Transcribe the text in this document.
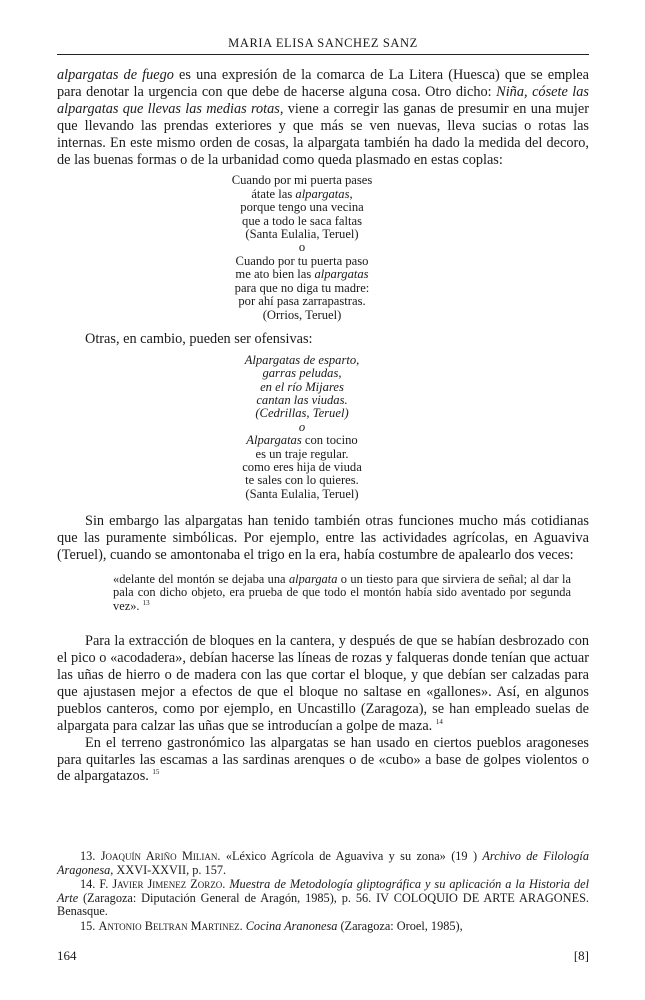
MARIA ELISA SANCHEZ SANZ

alpargatas de fuego es una expresión de la comarca de La Litera (Huesca) que se emplea para denotar la urgencia con que debe de hacerse alguna cosa. Otro dicho: Niña, cósete las alpargatas que llevas las medias rotas, viene a corregir las ganas de presumir en una mujer que llevando las prendas exteriores y que más se ven nuevas, lleva sucias o rotas las internas. En este mismo orden de cosas, la alpargata también ha dado la medida del decoro, de las buenas formas o de la urbanidad como queda plasmado en estas coplas:

Cuando por mi puerta pases
átate las alpargatas,
porque tengo una vecina
que a todo le saca faltas
(Santa Eulalia, Teruel)
o
Cuando por tu puerta paso
me ato bien las alpargatas
para que no diga tu madre:
por ahí pasa zarrapastras.
(Orrios, Teruel)

Otras, en cambio, pueden ser ofensivas:

Alpargatas de esparto,
garras peludas,
en el río Mijares
cantan las viudas.
(Cedrillas, Teruel)
o
Alpargatas con tocino
es un traje regular.
como eres hija de viuda
te sales con lo quieres.
(Santa Eulalia, Teruel)

Sin embargo las alpargatas han tenido también otras funciones mucho más cotidianas que las puramente simbólicas. Por ejemplo, entre las actividades agrícolas, en Aguaviva (Teruel), cuando se amontonaba el trigo en la era, había costumbre de apalearlo dos veces:

«delante del montón se dejaba una alpargata o un tiesto para que sirviera de señal; al dar la pala con dicho objeto, era prueba de que todo el montón había sido aventado por segunda vez». $^{13}$

Para la extracción de bloques en la cantera, y después de que se habían desbrozado con el pico o «acodadera», debían hacerse las líneas de rozas y falqueras donde tenían que actuar las uñas de hierro o de madera con las que cortar el bloque, y que debían ser calzadas para que ajustasen mejor a efectos de que el bloque no saltase en «gallones». Así, en algunos pueblos canteros, como por ejemplo, en Uncastillo (Zaragoza), se han empleado suelas de alpargata para calzar las uñas que se introducían a golpe de maza. $^{14}$

En el terreno gastronómico las alpargatas se han usado en ciertos pueblos aragoneses para quitarles las escamas a las sardinas arenques o de «cubo» a base de golpes violentos o de alpargatazos. $^{15}$

13. Joaquín Ariño Milian. «Léxico Agrícola de Aguaviva y su zona» (19 ) Archivo de Filología Aragonesa, XXVI-XXVII, p. 157.

14. F. Javier Jimenez Zorzo. Muestra de Metodología gliptográfica y su aplicación a la Historia del Arte (Zaragoza: Diputación General de Aragón, 1985), p. 56. IV COLOQUIO DE ARTE ARAGONES. Benasque.

15. Antonio Beltran Martinez. Cocina Aranonesa (Zaragoza: Oroel, 1985),

164	[8]
